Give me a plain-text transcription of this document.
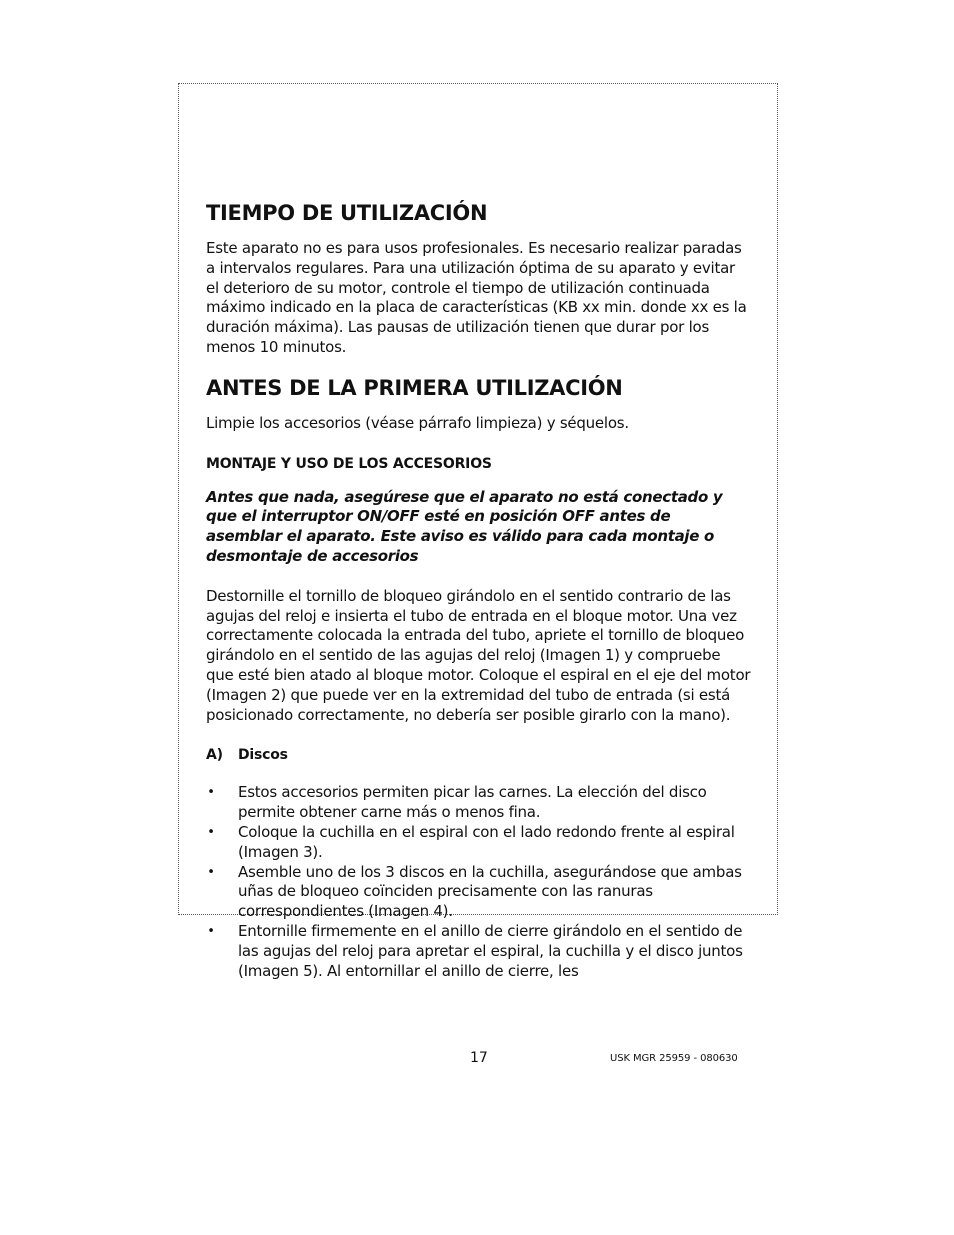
TIEMPO DE UTILIZACIÓN

Este aparato no es para usos profesionales. Es necesario realizar paradas a intervalos regulares. Para una utilización óptima de su aparato y evitar el deterioro de su motor, controle el tiempo de utilización continuada máximo indicado en la placa de características (KB xx min. donde xx es la duración máxima). Las pausas de utilización tienen que durar por los menos 10 minutos.

ANTES DE LA PRIMERA UTILIZACIÓN

Limpie los accesorios (véase párrafo limpieza) y séquelos.

MONTAJE Y USO DE LOS ACCESORIOS

Antes que nada, asegúrese que el aparato no está conectado y que el interruptor ON/OFF esté en posición OFF antes de asemblar el aparato. Este aviso es válido para cada montaje o desmontaje de accesorios

Destornille el tornillo de bloqueo girándolo en el sentido contrario de las agujas del reloj e insierta el tubo de entrada en el bloque motor. Una vez correctamente colocada la entrada del tubo, apriete el tornillo de bloqueo girándolo en el sentido de las agujas del reloj (Imagen 1) y compruebe que esté bien atado al bloque motor. Coloque el espiral en el eje del motor (Imagen 2) que puede ver en la extremidad del tubo de entrada (si está posicionado correctamente, no debería ser posible girarlo con la mano).

A)	Discos
• Estos accesorios permiten picar las carnes. La elección del disco permite obtener carne más o menos fina.
• Coloque la cuchilla en el espiral con el lado redondo frente al espiral (Imagen 3).
• Asemble uno de los 3 discos en la cuchilla, asegurándose que ambas uñas de bloqueo coïnciden precisamente con las ranuras correspondientes (Imagen 4).
• Entornille firmemente en el anillo de cierre girándolo en el sentido de las agujas del reloj para apretar el espiral, la cuchilla y el disco juntos (Imagen 5). Al entornillar el anillo de cierre, les
17	USK MGR 25959 - 080630
